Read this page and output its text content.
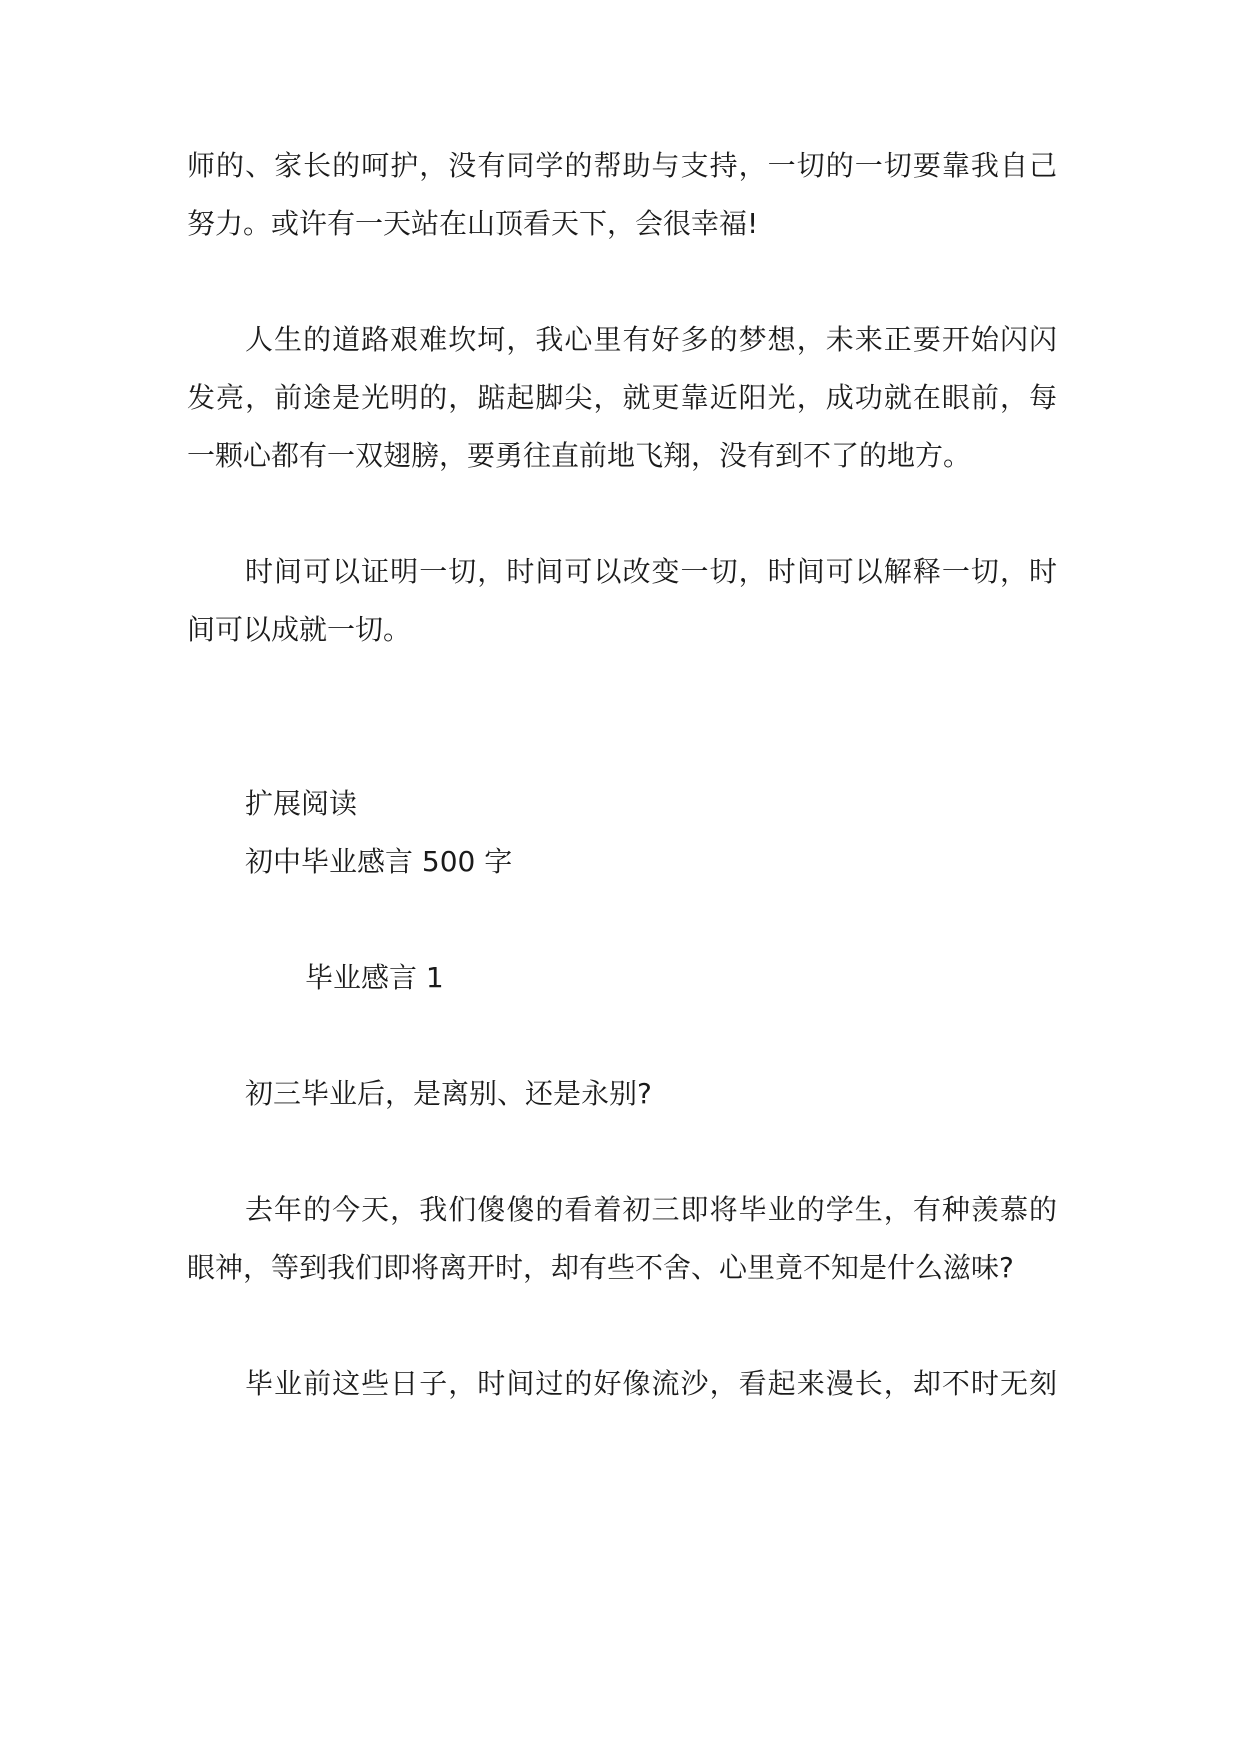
师的、家长的呵护，没有同学的帮助与支持，一切的一切要靠我自己
努力。或许有一天站在山顶看天下，会很幸福!
人生的道路艰难坎坷，我心里有好多的梦想，未来正要开始闪闪
发亮，前途是光明的，踮起脚尖，就更靠近阳光，成功就在眼前，每
一颗心都有一双翅膀，要勇往直前地飞翔，没有到不了的地方。
时间可以证明一切，时间可以改变一切，时间可以解释一切，时
间可以成就一切。
扩展阅读
初中毕业感言 500 字
毕业感言 1
初三毕业后，是离别、还是永别?
去年的今天，我们傻傻的看着初三即将毕业的学生，有种羡慕的
眼神，等到我们即将离开时，却有些不舍、心里竟不知是什么滋味?
毕业前这些日子，时间过的好像流沙，看起来漫长，却不时无刻
